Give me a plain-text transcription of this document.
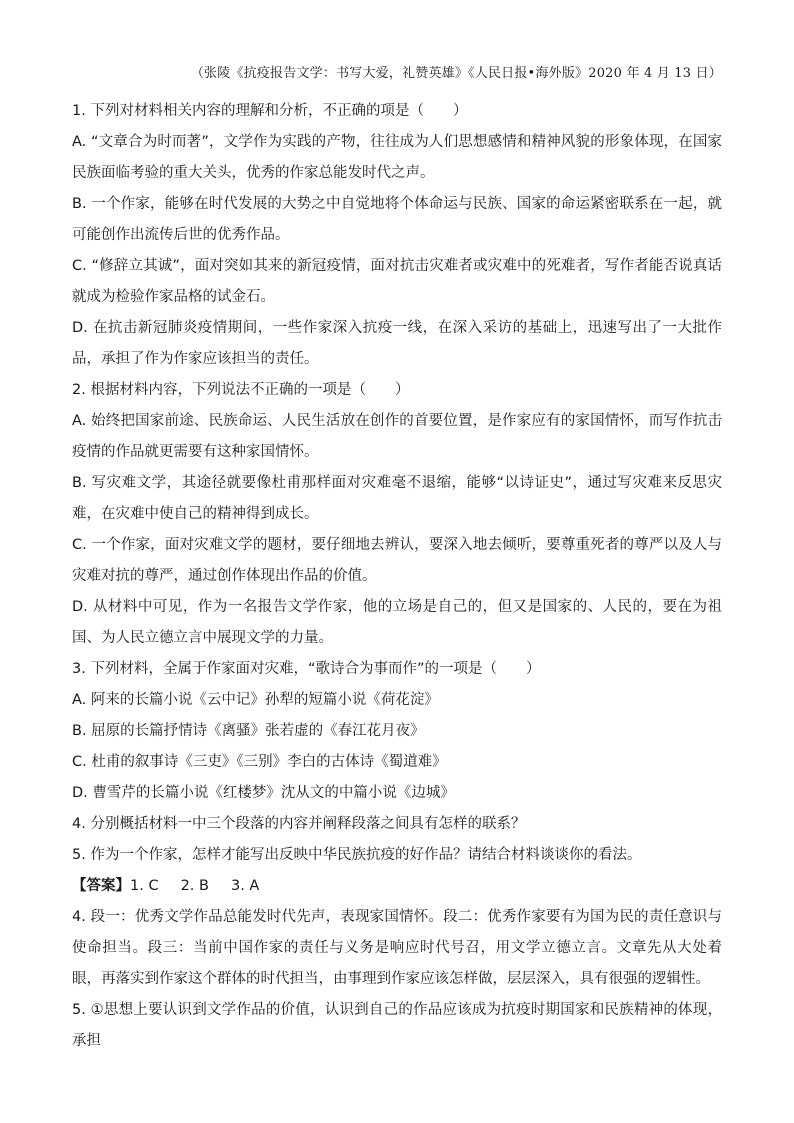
（张陵《抗疫报告文学：书写大爱，礼赞英雄》《人民日报•海外版》2020 年 4 月 13 日）

1. 下列对材料相关内容的理解和分析，不正确的项是（　　）

A. “文章合为时而著”，文学作为实践的产物，往往成为人们思想感情和精神风貌的形象体现，在国家民族面临考验的重大关头，优秀的作家总能发时代之声。

B. 一个作家，能够在时代发展的大势之中自觉地将个体命运与民族、国家的命运紧密联系在一起，就可能创作出流传后世的优秀作品。

C. “修辞立其诚”，面对突如其来的新冠疫情，面对抗击灾难者或灾难中的死难者，写作者能否说真话就成为检验作家品格的试金石。

D. 在抗击新冠肺炎疫情期间，一些作家深入抗疫一线，在深入采访的基础上，迅速写出了一大批作品，承担了作为作家应该担当的责任。

2. 根据材料内容，下列说法不正确的一项是（　　）

A. 始终把国家前途、民族命运、人民生活放在创作的首要位置，是作家应有的家国情怀，而写作抗击疫情的作品就更需要有这种家国情怀。

B. 写灾难文学，其途径就要像杜甫那样面对灾难毫不退缩，能够“以诗证史”，通过写灾难来反思灾难，在灾难中使自己的精神得到成长。

C. 一个作家，面对灾难文学的题材，要仔细地去辨认，要深入地去倾听，要尊重死者的尊严以及人与灾难对抗的尊严，通过创作体现出作品的价值。

D. 从材料中可见，作为一名报告文学作家，他的立场是自己的，但又是国家的、人民的，要在为祖国、为人民立德立言中展现文学的力量。

3. 下列材料，全属于作家面对灾难，“歌诗合为事而作”的一项是（　　）

A. 阿来的长篇小说《云中记》孙犁的短篇小说《荷花淀》

B. 屈原的长篇抒情诗《离骚》张若虚的《春江花月夜》

C. 杜甫的叙事诗《三吏》《三别》李白的古体诗《蜀道难》

D. 曹雪芹的长篇小说《红楼梦》沈从文的中篇小说《边城》

4. 分别概括材料一中三个段落的内容并阐释段落之间具有怎样的联系？

5. 作为一个作家，怎样才能写出反映中华民族抗疫的好作品？请结合材料谈谈你的看法。

【答案】1. C 2. B 3. A

4. 段一：优秀文学作品总能发时代先声，表现家国情怀。段二：优秀作家要有为国为民的责任意识与使命担当。段三：当前中国作家的责任与义务是响应时代号召，用文学立德立言。文章先从大处着眼，再落实到作家这个群体的时代担当，由事理到作家应该怎样做，层层深入，具有很强的逻辑性。

5. ①思想上要认识到文学作品的价值，认识到自己的作品应该成为抗疫时期国家和民族精神的体现，承担
